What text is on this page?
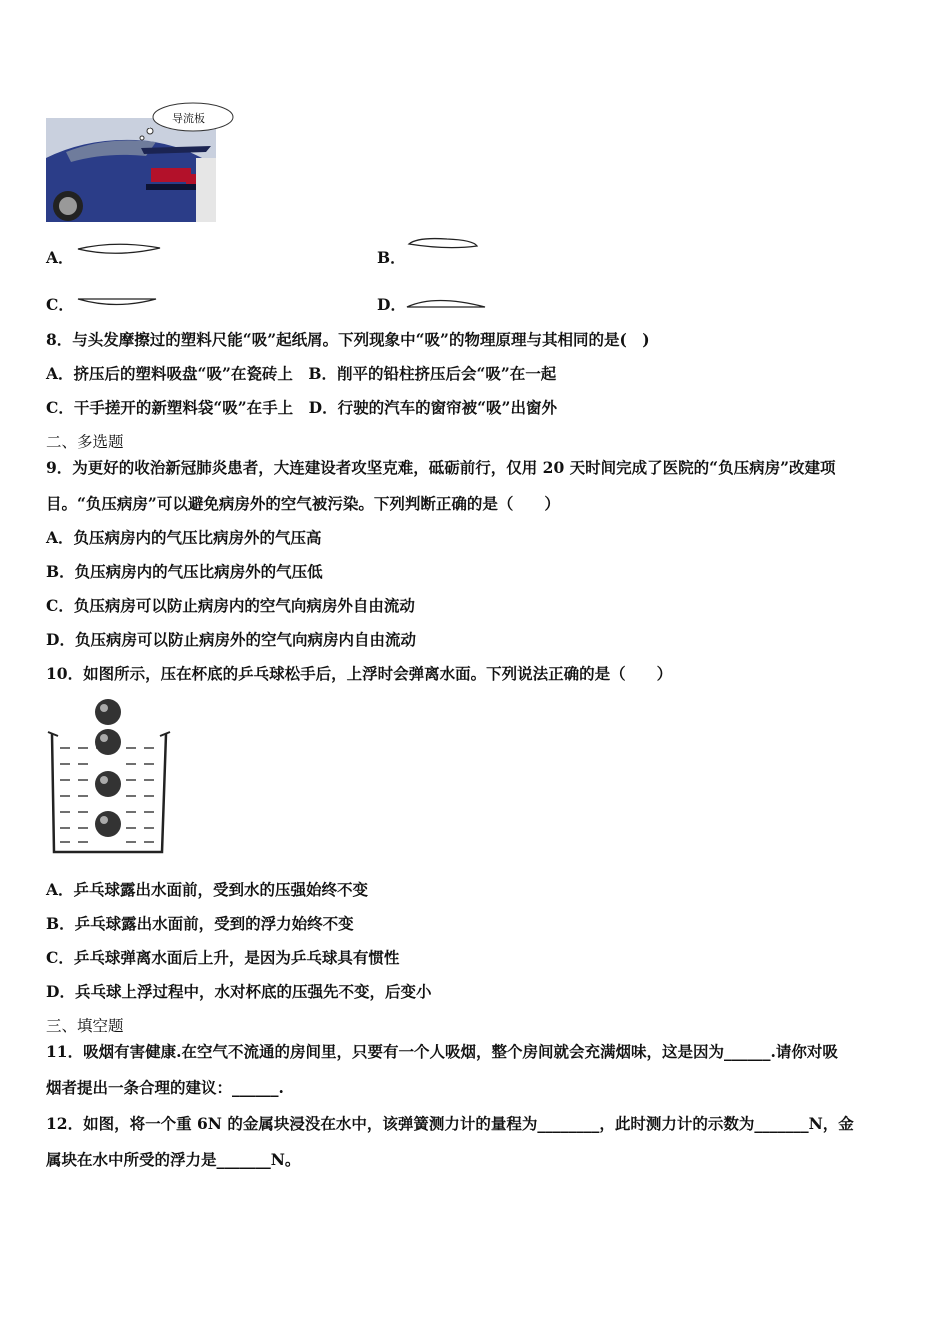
导流板
A．	B．
C．	D．
8．与头发摩擦过的塑料尺能“吸”起纸屑。下列现象中“吸”的物理原理与其相同的是(　)
A．挤压后的塑料吸盘“吸”在瓷砖上　B．削平的铅柱挤压后会“吸”在一起
C．干手搓开的新塑料袋“吸”在手上　D．行驶的汽车的窗帘被“吸”出窗外
二、多选题
9．为更好的收治新冠肺炎患者，大连建设者攻坚克难，砥砺前行，仅用 20 天时间完成了医院的“负压病房”改建项
目。“负压病房”可以避免病房外的空气被污染。下列判断正确的是（　　）
A．负压病房内的气压比病房外的气压高
B．负压病房内的气压比病房外的气压低
C．负压病房可以防止病房内的空气向病房外自由流动
D．负压病房可以防止病房外的空气向病房内自由流动
10．如图所示，压在杯底的乒乓球松手后，上浮时会弹离水面。下列说法正确的是（　　）
A．乒乓球露出水面前，受到水的压强始终不变
B．乒乓球露出水面前，受到的浮力始终不变
C．乒乓球弹离水面后上升，是因为乒乓球具有惯性
D．兵乓球上浮过程中，水对杯底的压强先不变，后变小
三、填空题
11．吸烟有害健康.在空气不流通的房间里，只要有一个人吸烟，整个房间就会充满烟味，这是因为______.请你对吸
烟者提出一条合理的建议：______.
12．如图，将一个重 6N 的金属块浸没在水中，该弹簧测力计的量程为________，此时测力计的示数为_______N，金
属块在水中所受的浮力是_______N。
